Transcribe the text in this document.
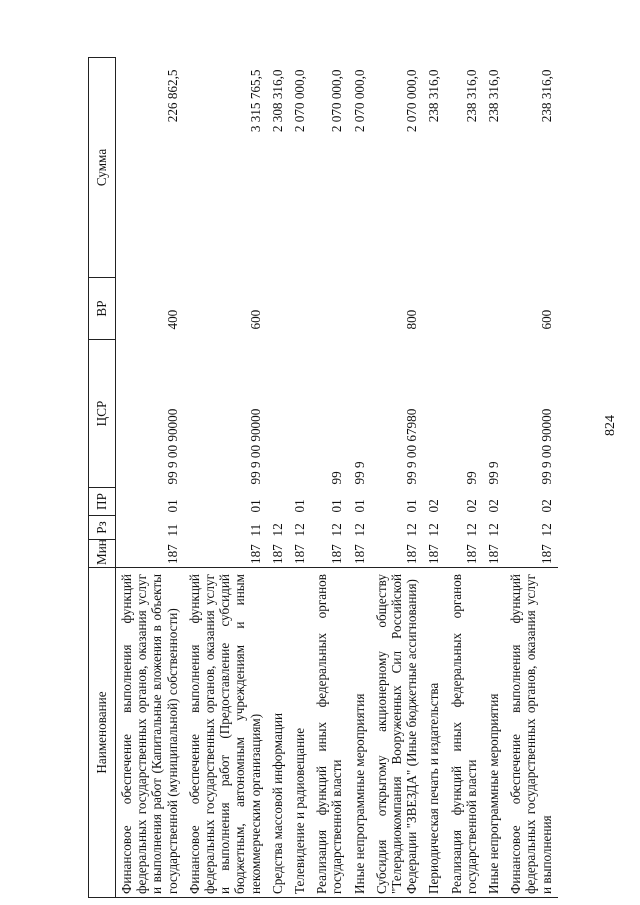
824
Наименование	Мин	Рз	ПР	ЦСР	ВР	Сумма
Финансовое обеспечение выполнения функций федеральных государственных органов, оказания услуг и выполнения работ (Капитальные вложения в объекты государственной (муниципальной) собственности)	187	11	01	99 9 00 90000	400	226 862,5
Финансовое обеспечение выполнения функций федеральных государственных органов, оказания услуг и выполнения работ (Предоставление субсидий бюджетным, автономным учреждениям и иным некоммерческим организациям)	187	11	01	99 9 00 90000	600	3 315 765,5
Средства массовой информации	187	12				2 308 316,0
Телевидение и радиовещание	187	12	01			2 070 000,0
Реализация функций иных федеральных органов государственной власти	187	12	01	99		2 070 000,0
Иные непрограммные мероприятия	187	12	01	99 9		2 070 000,0
Субсидия открытому акционерному обществу "Телерадиокомпания Вооруженных Сил Российской Федерации "ЗВЕЗДА" (Иные бюджетные ассигнования)	187	12	01	99 9 00 67980	800	2 070 000,0
Периодическая печать и издательства	187	12	02			238 316,0
Реализация функций иных федеральных органов государственной власти	187	12	02	99		238 316,0
Иные непрограммные мероприятия	187	12	02	99 9		238 316,0
Финансовое обеспечение выполнения функций федеральных государственных органов, оказания услуг и выполнения	187	12	02	99 9 00 90000	600	238 316,0
